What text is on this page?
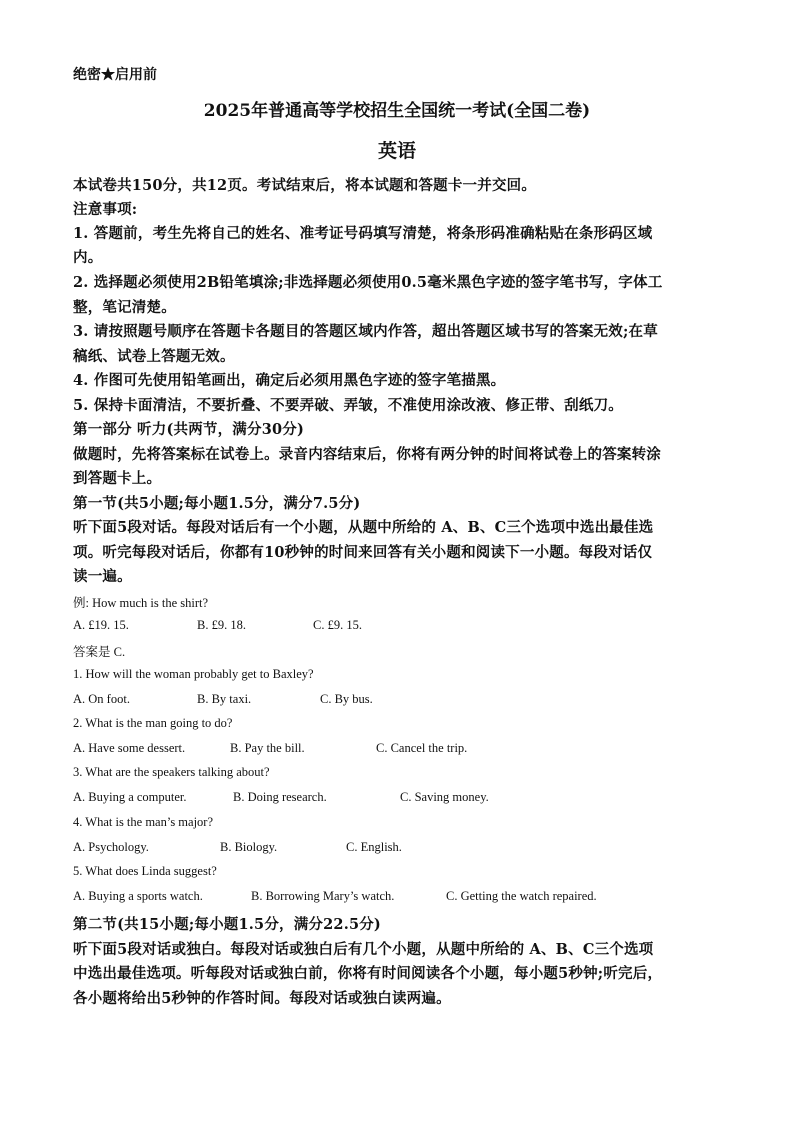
绝密★启用前
2025年普通高等学校招生全国统一考试(全国二卷)
英语
本试卷共150分，共12页。考试结束后，将本试题和答题卡一并交回。
注意事项:
1. 答题前，考生先将自己的姓名、准考证号码填写清楚，将条形码准确粘贴在条形码区域
内。
2. 选择题必须使用2B铅笔填涂;非选择题必须使用0.5毫米黑色字迹的签字笔书写，字体工
整，笔记清楚。
3. 请按照题号顺序在答题卡各题目的答题区域内作答，超出答题区域书写的答案无效;在草
稿纸、试卷上答题无效。
4. 作图可先使用铅笔画出，确定后必须用黑色字迹的签字笔描黑。
5. 保持卡面清洁，不要折叠、不要弄破、弄皱，不准使用涂改液、修正带、刮纸刀。
第一部分 听力(共两节，满分30分)
做题时，先将答案标在试卷上。录音内容结束后，你将有两分钟的时间将试卷上的答案转涂
到答题卡上。
第一节(共5小题;每小题1.5分，满分7.5分)
听下面5段对话。每段对话后有一个小题，从题中所给的 A、B、C三个选项中选出最佳选
项。听完每段对话后，你都有10秒钟的时间来回答有关小题和阅读下一小题。每段对话仅
读一遍。
例: How much is the shirt?
A. £19. 15.	B. £9. 18.	C. £9. 15.
答案是 C.
1. How will the woman probably get to Baxley?
A. On foot.	B. By taxi.	C. By bus.
2. What is the man going to do?
A. Have some dessert.	B. Pay the bill.	C. Cancel the trip.
3. What are the speakers talking about?
A. Buying a computer.	B. Doing research.	C. Saving money.
4. What is the man’s major?
A. Psychology.	B. Biology.	C. English.
5. What does Linda suggest?
A. Buying a sports watch.	B. Borrowing Mary’s watch.	C. Getting the watch repaired.
第二节(共15小题;每小题1.5分，满分22.5分)
听下面5段对话或独白。每段对话或独白后有几个小题，从题中所给的 A、B、C三个选项
中选出最佳选项。听每段对话或独白前，你将有时间阅读各个小题，每小题5秒钟;听完后，
各小题将给出5秒钟的作答时间。每段对话或独白读两遍。
